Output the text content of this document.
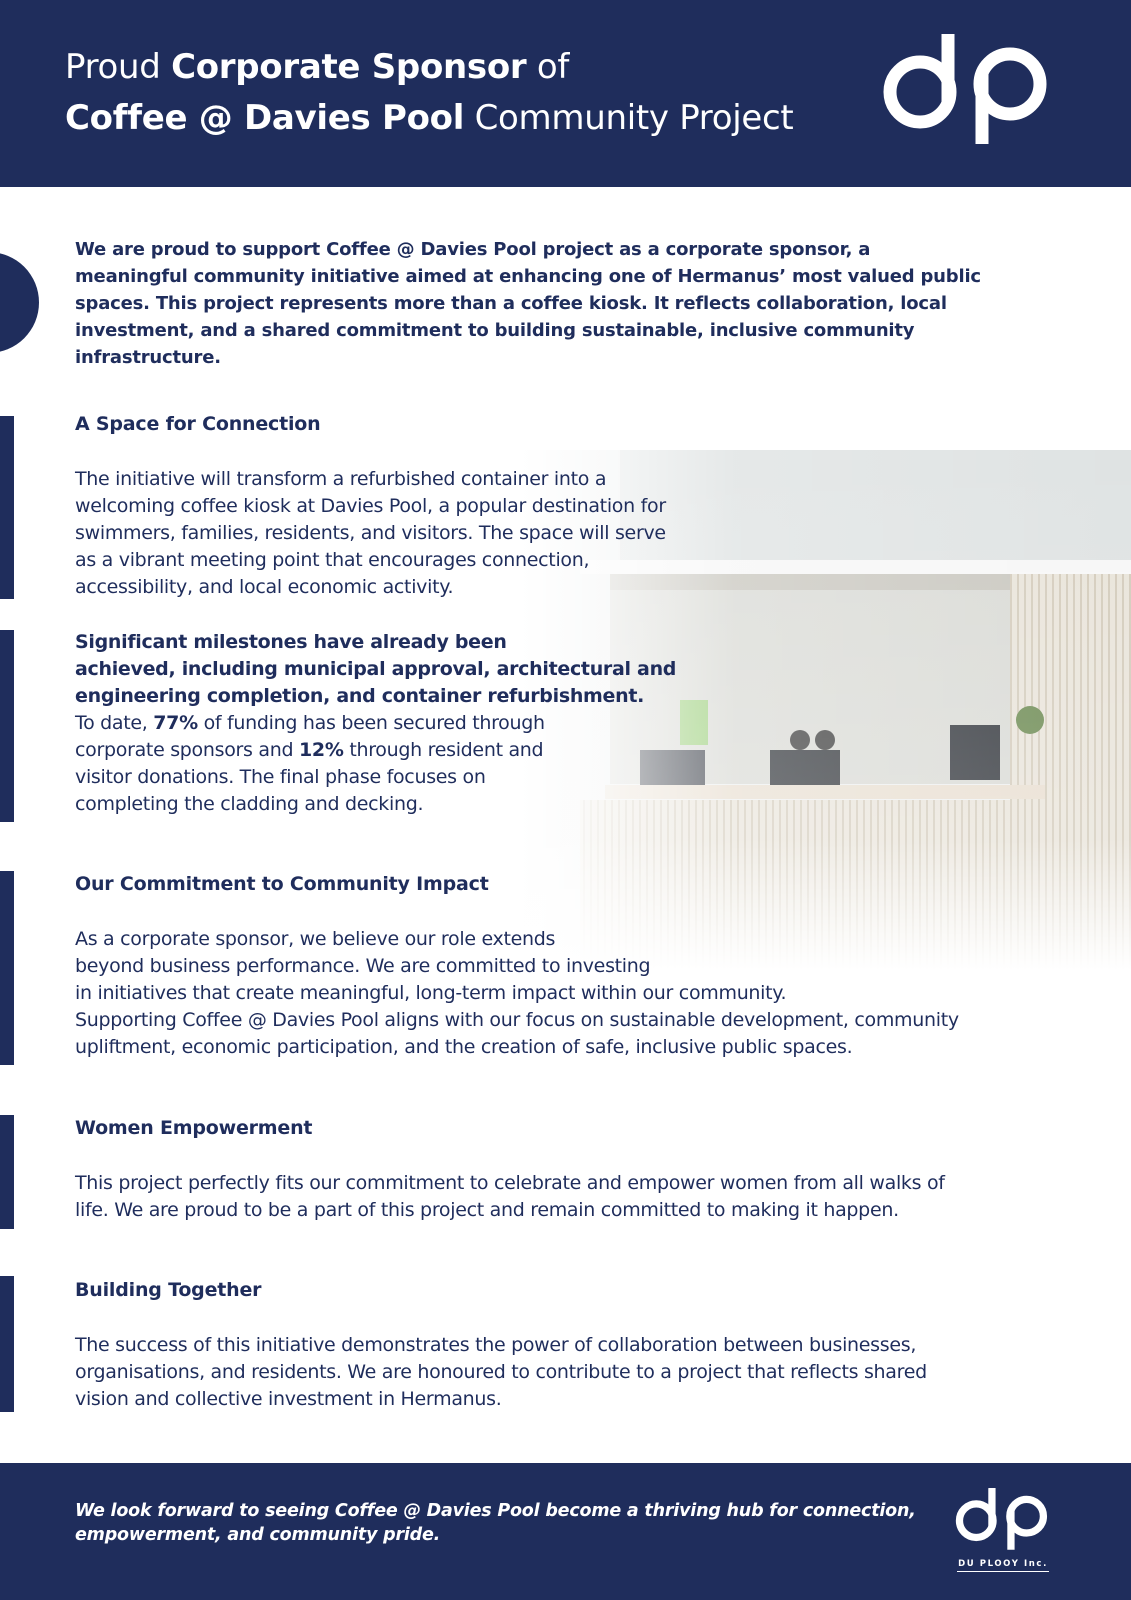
Proud Corporate Sponsor of
Coffee @ Davies Pool Community Project
We are proud to support Coffee @ Davies Pool project as a corporate sponsor, a
meaningful community initiative aimed at enhancing one of Hermanus’ most valued public
spaces. This project represents more than a coffee kiosk. It reflects collaboration, local
investment, and a shared commitment to building sustainable, inclusive community
infrastructure.
A Space for Connection
The initiative will transform a refurbished container into a
welcoming coffee kiosk at Davies Pool, a popular destination for
swimmers, families, residents, and visitors. The space will serve
as a vibrant meeting point that encourages connection,
accessibility, and local economic activity.
Significant milestones have already been
achieved, including municipal approval, architectural and
engineering completion, and container refurbishment.
To date, 77% of funding has been secured through
corporate sponsors and 12% through resident and
visitor donations. The final phase focuses on
completing the cladding and decking.
Our Commitment to Community Impact
As a corporate sponsor, we believe our role extends
beyond business performance. We are committed to investing
in initiatives that create meaningful, long-term impact within our community.
Supporting Coffee @ Davies Pool aligns with our focus on sustainable development, community
upliftment, economic participation, and the creation of safe, inclusive public spaces.
Women Empowerment
This project perfectly fits our commitment to celebrate and empower women from all walks of
life. We are proud to be a part of this project and remain committed to making it happen.
Building Together
The success of this initiative demonstrates the power of collaboration between businesses,
organisations, and residents. We are honoured to contribute to a project that reflects shared
vision and collective investment in Hermanus.
We look forward to seeing Coffee @ Davies Pool become a thriving hub for connection,
empowerment, and community pride.
DU PLOOY Inc.
